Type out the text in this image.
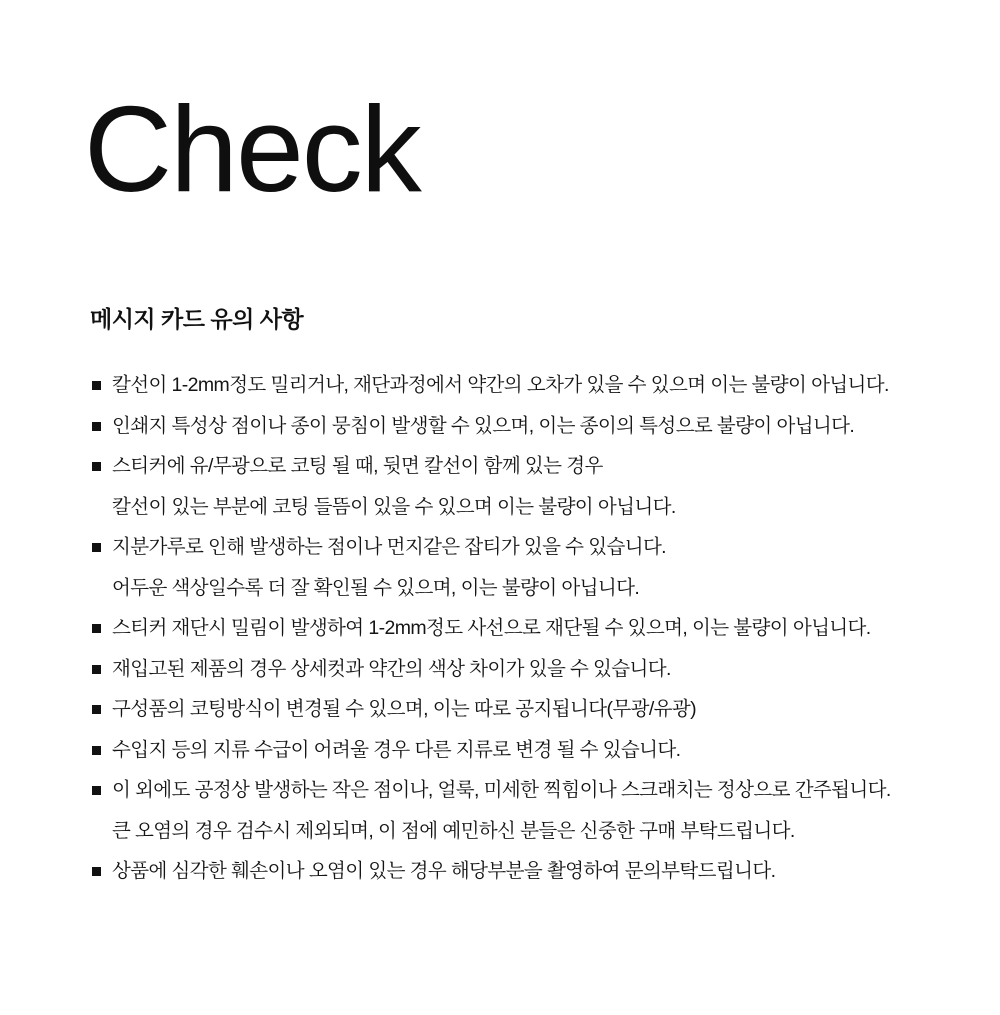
Check
메시지 카드 유의 사항
칼선이 1-2mm정도 밀리거나, 재단과정에서 약간의 오차가 있을 수 있으며 이는 불량이 아닙니다.
인쇄지 특성상 점이나 종이 뭉침이 발생할 수 있으며, 이는 종이의 특성으로 불량이 아닙니다.
스티커에 유/무광으로 코팅 될 때, 뒷면 칼선이 함께 있는 경우
칼선이 있는 부분에 코팅 들뜸이 있을 수 있으며 이는 불량이 아닙니다.
지분가루로 인해 발생하는 점이나 먼지같은 잡티가 있을 수 있습니다.
어두운 색상일수록 더 잘 확인될 수 있으며, 이는 불량이 아닙니다.
스티커 재단시 밀림이 발생하여 1-2mm정도 사선으로 재단될 수 있으며, 이는 불량이 아닙니다.
재입고된 제품의 경우 상세컷과 약간의 색상 차이가 있을 수 있습니다.
구성품의 코팅방식이 변경될 수 있으며, 이는 따로 공지됩니다(무광/유광)
수입지 등의 지류 수급이 어려울 경우 다른 지류로 변경 될 수 있습니다.
이 외에도 공정상 발생하는 작은 점이나, 얼룩, 미세한 찍힘이나 스크래치는 정상으로 간주됩니다.
큰 오염의 경우 검수시 제외되며, 이 점에 예민하신 분들은 신중한 구매 부탁드립니다.
상품에 심각한 훼손이나 오염이 있는 경우 해당부분을 촬영하여 문의부탁드립니다.
